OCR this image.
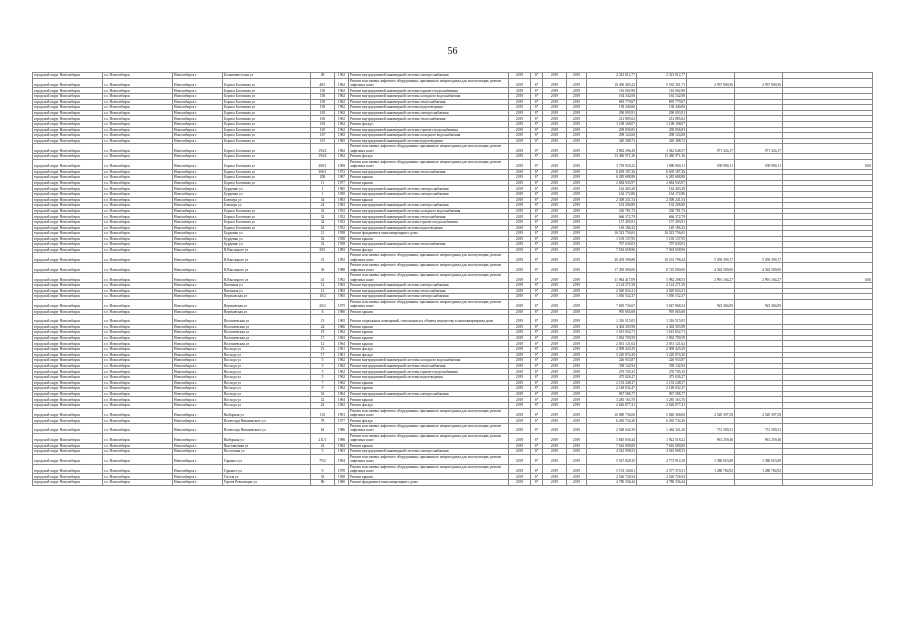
56
городской округ Новосибирск	г.о. Новосибирск	Новосибирск г.	Большевистская ул	48	1962	Ремонт внутридомовой инженерной системы электроснабжения	2019	6*	2019	2019	2 323 012,77	2 323 012,77			
городской округ Новосибирск	г.о. Новосибирск	Новосибирск г.	Бориса Богаткова ул	48/1	1962	Ремонт или замена лифтового оборудования, признанного непригодным для эксплуатации, ремонт лифтовых шахт	2019	6*	2019	2019	10 450 403,22	5 535 301,71	2 957 800,56	2 957 800,56	
городской округ Новосибирск	г.о. Новосибирск	Новосибирск г.	Бориса Богаткова ул	150	1962	Ремонт внутридомовой инженерной системы горячего водоснабжения	2019	6*	2019	2019	116 002,98	116 002,98			
городской округ Новосибирск	г.о. Новосибирск	Новосибирск г.	Бориса Богаткова ул	150	1962	Ремонт внутридомовой инженерной системы холодного водоснабжения	2019	6*	2019	2019	164 342,08	164 342,08			
городской округ Новосибирск	г.о. Новосибирск	Новосибирск г.	Бориса Богаткова ул	150	1962	Ремонт внутридомовой инженерной системы теплоснабжения	2019	6*	2019	2019	695 779,67	695 779,67			
городской округ Новосибирск	г.о. Новосибирск	Новосибирск г.	Бориса Богаткова ул	150	1962	Ремонт внутридомовой инженерной системы водоотведения	2019	6*	2019	2019	138 440,06	138 440,06			
городской округ Новосибирск	г.о. Новосибирск	Новосибирск г.	Бориса Богаткова ул	165	1962	Ремонт внутридомовой инженерной системы электроснабжения	2019	6*	2019	2019	290 093,91	290 093,91			
городской округ Новосибирск	г.о. Новосибирск	Новосибирск г.	Бориса Богаткова ул	165	1962	Ремонт внутридомовой инженерной системы теплоснабжения	2019	6*	2019	2019	212 885,62	212 885,62			
городской округ Новосибирск	г.о. Новосибирск	Новосибирск г.	Бориса Богаткова ул	165	1962	Ремонт фасада	2019	6*	2019	2019	1 108 168,07	1 108 168,07			
городской округ Новосибирск	г.о. Новосибирск	Новосибирск г.	Бориса Богаткова ул	165	1962	Ремонт внутридомовой инженерной системы горячего водоснабжения	2019	6*	2019	2019	258 836,83	258 836,83			
городской округ Новосибирск	г.о. Новосибирск	Новосибирск г.	Бориса Богаткова ул	167	1965	Ремонт внутридомовой инженерной системы холодного водоснабжения	2019	6*	2019	2019	298 124,68	298 124,68			
городской округ Новосибирск	г.о. Новосибирск	Новосибирск г.	Бориса Богаткова ул	167	1965	Ремонт внутридомовой инженерной системы водоотведения	2019	6*	2019	2019	320 388,73	320 388,73			
городской округ Новосибирск	г.о. Новосибирск	Новосибирск г.	Бориса Богаткова ул	194/2	1962	Ремонт или замена лифтового оборудования, признанного непригодным для эксплуатации, ремонт лифтовых шахт	2019	6*	2019	2019	3 882 296,49	1 942 648,37	971 324,17	971 324,17	
городской округ Новосибирск	г.о. Новосибирск	Новосибирск г.	Бориса Богаткова ул	194/2	1962	Ремонт фасада	2019	6*	2019	2019	13 460 971,36	13 460 971,36			
городской округ Новосибирск	г.о. Новосибирск	Новосибирск г.	Бориса Богаткова ул	206/1	1969	Ремонт или замена лифтового оборудования, признанного непригодным для эксплуатации, ремонт лифтовых шахт	2019	6*	2019	2019	3 759 920,22	1 880 960,11	939 980,11	939 980,11	0,00
городской округ Новосибирск	г.о. Новосибирск	Новосибирск г.	Бориса Богаткова ул	206/1	1972	Ремонт внутридомовой инженерной системы теплоснабжения	2019	6*	2019	2019	6 639 187,26	6 639 187,26			
городской округ Новосибирск	г.о. Новосибирск	Новосибирск г.	Бориса Богаткова ул	208	1967	Ремонт крыши	2019	6*	2019	2019	6 285 688,88	6 285 688,88			
городской округ Новосибирск	г.о. Новосибирск	Новосибирск г.	Бориса Богаткова ул	11	1977	Ремонт крыши	2019	6*	2019	2019	2 684 943,97	2 684 943,97			
городской округ Новосибирск	г.о. Новосибирск	Новосибирск г.	Бурденко ул	1	1965	Ремонт внутридомовой инженерной системы электроснабжения	2019	6*	2019	2019	162 403,28	162 403,28			
городской округ Новосибирск	г.о. Новосибирск	Новосибирск г.	Бурденко ул	1	1950	Ремонт внутридомовой инженерной системы электроснабжения	2019	6*	2019	2019	164 172,86	164 172,86			
городской округ Новосибирск	г.о. Новосибирск	Новосибирск г.	Блюхера ул	34	1963	Ремонт крыши	2019	6*	2019	2019	2 308 241,54	2 308 241,54			
городской округ Новосибирск	г.о. Новосибирск	Новосибирск г.	Блюхера ул	24	1963	Ремонт внутридомовой инженерной системы электроснабжения	2019	6*	2019	2019	102 206,80	102 206,80			
городской округ Новосибирск	г.о. Новосибирск	Новосибирск г.	Бориса Богаткова ул	32	1952	Ремонт внутридомовой инженерной системы холодного водоснабжения	2019	6*	2019	2019	230 781,73	230 781,73			
городской округ Новосибирск	г.о. Новосибирск	Новосибирск г.	Бориса Богаткова ул	32	1952	Ремонт внутридомовой инженерной системы теплоснабжения	2019	6*	2019	2019	666 372,79	666 372,79			
городской округ Новосибирск	г.о. Новосибирск	Новосибирск г.	Бориса Богаткова ул	32	1952	Ремонт внутридомовой инженерной системы горячего водоснабжения	2019	6*	2019	2019	157 493,91	157 493,91			
городской округ Новосибирск	г.о. Новосибирск	Новосибирск г.	Бориса Богаткова ул	32	1952	Ремонт внутридомовой инженерной системы водоотведения	2019	6*	2019	2019	149 186,32	149 186,32			
городской округ Новосибирск	г.о. Новосибирск	Новосибирск г.	Бурденко ул	12	1958	Ремонт фундамента многоквартирного дома	2019	6*	2019	2019	16 523 756,65	16 523 756,65			
городской округ Новосибирск	г.о. Новосибирск	Новосибирск г.	Бурденко ул	32	1958	Ремонт крыши	2019	6*	2019	2019	1 103 137,95	1 103 137,95			
городской округ Новосибирск	г.о. Новосибирск	Новосибирск г.	Бурденко ул	32	1958	Ремонт внутридомовой инженерной системы теплоснабжения	2019	6*	2019	2019	707 630,03	707 630,03			
городской округ Новосибирск	г.о. Новосибирск	Новосибирск г.	В.Высоцкого ул	39/1	1983	Ремонт фасада	2019	6*	2019	2019	7 563 658,96	7 563 658,96			
городской округ Новосибирск	г.о. Новосибирск	Новосибирск г.	В.Высоцкого ул	31	1992	Ремонт или замена лифтового оборудования, признанного непригодным для эксплуатации, ремонт лифтовых шахт	2019	6*	2019	2019	20 203 596,88	10 101 798,44	5 050 399,17	5 050 399,17	
городской округ Новосибирск	г.о. Новосибирск	Новосибирск г.	В.Высоцкого ул	39	1988	Ремонт или замена лифтового оборудования, признанного непригодным для эксплуатации, ремонт лифтовых шахт	2019	6*	2019	2019	17 450 000,00	8 725 000,00	4 362 500,00	4 362 500,00	
городской округ Новосибирск	г.о. Новосибирск	Новосибирск г.	В.Высоцкого ул	41	1992	Ремонт или замена лифтового оборудования, признанного непригодным для эксплуатации, ремонт лифтовых шахт	2019	6*	2019	2019	11 964 417,09	5 982 208,55	2 991 104,27	2 991 104,27	0,00
городской округ Новосибирск	г.о. Новосибирск	Новосибирск г.	Вагонная ул	12	1963	Ремонт внутридомовой инженерной системы электроснабжения	2019	6*	2019	2019	2 124 271,50	2 124 271,50			
городской округ Новосибирск	г.о. Новосибирск	Новосибирск г.	Вагонная ул	12	1963	Ремонт внутридомовой инженерной системы теплоснабжения	2019	6*	2019	2019	2 020 824,21	2 020 824,21			
городской округ Новосибирск	г.о. Новосибирск	Новосибирск г.	Вертковская ул	10/2	1965	Ремонт внутридомовой инженерной системы электроснабжения	2019	6*	2019	2019	1 056 532,37	1 056 532,37			
городской округ Новосибирск	г.о. Новосибирск	Новосибирск г.	Вертковская ул	20/2	1975	Ремонт или замена лифтового оборудования, признанного непригодным для эксплуатации, ремонт лифтовых шахт	2019	6*	2019	2019	7 695 736,67	3 847 868,34	923 384,09	923 384,09	
городской округ Новосибирск	г.о. Новосибирск	Новосибирск г.	Вертковская ул	6	1966	Ремонт крыши	2019	6*	2019	2019	995 065,68	995 065,68			
городской округ Новосибирск	г.о. Новосибирск	Новосибирск г.	Волочаевская ул	13	1965	Ремонт подвальных помещений, относящихся к общему имуществу в многоквартирном доме	2019	6*	2019	2019	1 316 515,05	1 316 515,05			
городской округ Новосибирск	г.о. Новосибирск	Новосибирск г.	Волочаевская ул	24	1966	Ремонт крыши	2019	6*	2019	2019	4 402 303,98	4 402 303,98			
городской округ Новосибирск	г.о. Новосибирск	Новосибирск г.	Волочаевская ул	19	1962	Ремонт крыши	2019	6*	2019	2019	1 615 652,71	1 615 652,71			
городской округ Новосибирск	г.о. Новосибирск	Новосибирск г.	Волочаевская ул	17	1963	Ремонт крыши	2019	6*	2019	2019	1 692 709,59	1 692 709,59			
городской округ Новосибирск	г.о. Новосибирск	Новосибирск г.	Волочаевская ул	12	1964	Ремонт крыши	2019	6*	2019	2019	2 051 121,62	2 051 121,62			
городской округ Новосибирск	г.о. Новосибирск	Новосибирск г.	Восхода ул	15	1961	Ремонт фасада	2019	6*	2019	2019	2 909 420,29	2 909 420,29			
городской округ Новосибирск	г.о. Новосибирск	Новосибирск г.	Восхода ул	17	1961	Ремонт фасада	2019	6*	2019	2019	3 220 874,20	3 220 874,20			
городской округ Новосибирск	г.о. Новосибирск	Новосибирск г.	Восхода ул	5	1962	Ремонт внутридомовой инженерной системы холодного водоснабжения	2019	6*	2019	2019	226 933,87	226 933,87			
городской округ Новосибирск	г.о. Новосибирск	Новосибирск г.	Восхода ул	5	1962	Ремонт внутридомовой инженерной системы теплоснабжения	2019	6*	2019	2019	358 142,94	358 142,94			
городской округ Новосибирск	г.о. Новосибирск	Новосибирск г.	Восхода ул	5	1962	Ремонт внутридомовой инженерной системы горячего водоснабжения	2019	6*	2019	2019	270 705,35	270 705,35			
городской округ Новосибирск	г.о. Новосибирск	Новосибирск г.	Восхода ул	5	1962	Ремонт внутридомовой инженерной системы водоотведения	2019	6*	2019	2019	475 026,27	475 026,27			
городской округ Новосибирск	г.о. Новосибирск	Новосибирск г.	Восхода ул	7	1962	Ремонт крыши	2019	6*	2019	2019	2 133 248,37	2 133 248,37			
городской округ Новосибирск	г.о. Новосибирск	Новосибирск г.	Восхода ул	9	1962	Ремонт крыши	2019	6*	2019	2019	2 148 032,47	2 148 032,47			
городской округ Новосибирск	г.о. Новосибирск	Новосибирск г.	Восхода ул	32	1964	Ремонт внутридомовой инженерной системы электроснабжения	2019	6*	2019	2019	967 586,77	967 586,77			
городской округ Новосибирск	г.о. Новосибирск	Новосибирск г.	Восхода ул	32	1964	Ремонт крыши	2019	6*	2019	2019	3 285 163,70	3 285 163,70			
городской округ Новосибирск	г.о. Новосибирск	Новосибирск г.	Восхода ул	22	1962	Ремонт фасада	2019	6*	2019	2019	2 626 877,41	2 626 877,41			
городской округ Новосибирск	г.о. Новосибирск	Новосибирск г.	Выборная ул	110	1991	Ремонт или замена лифтового оборудования, признанного непригодным для эксплуатации, ремонт лифтовых шахт	2019	6*	2019	2019	10 080 736,00	5 040 368,00	2 520 397,58	2 520 397,58	
городской округ Новосибирск	г.о. Новосибирск	Новосибирск г.	Всеволода Вишневского ул	78	1977	Ремонт фасада	2019	6*	2019	2019	6 265 734,20	6 265 734,20			
городской округ Новосибирск	г.о. Новосибирск	Новосибирск г.	Всеволода Вишневского ул	62	1986	Ремонт или замена лифтового оборудования, признанного непригодным для эксплуатации, ремонт лифтовых шахт	2019	6*	2019	2019	2 928 642,39	1 464 321,20	731 580,31	731 580,31	
городской округ Новосибирск	г.о. Новосибирск	Новосибирск г.	Выборная ул	211/1	1986	Ремонт или замена лифтового оборудования, признанного непригодным для эксплуатации, ремонт лифтовых шахт	2019	6*	2019	2019	3 845 036,44	1 922 518,22	961 259,48	961 259,48	
городской округ Новосибирск	г.о. Новосибирск	Новосибирск г.	Выставочная ул	24	1962	Ремонт крыши	2019	6*	2019	2019	7 616 000,00	7 616 000,00			
городской округ Новосибирск	г.о. Новосибирск	Новосибирск г.	Восточная ул	5	1963	Ремонт внутридомовой инженерной системы электроснабжения	2019	6*	2019	2019	4 543 908,53	4 543 908,53			
городской округ Новосибирск	г.о. Новосибирск	Новосибирск г.	Горького ул	79/2	1994	Ремонт или замена лифтового оборудования, признанного непригодным для эксплуатации, ремонт лифтовых шахт	2019	6*	2019	2019	5 547 828,35	2 773 914,18	1 386 653,08	1 386 653,08	
городской округ Новосибирск	г.о. Новосибирск	Новосибирск г.	Горького ул	9	1970	Ремонт или замена лифтового оборудования, признанного непригодным для эксплуатации, ремонт лифтовых шахт	2019	6*	2019	2019	5 155 140,61	2 577 570,31	1 288 784,92	1 288 784,92	
городской округ Новосибирск	г.о. Новосибирск	Новосибирск г.	Гоголя ул	33	1958	Ремонт крыши	2019	6*	2019	2019	2 526 726,94	2 526 726,94			
городской округ Новосибирск	г.о. Новосибирск	Новосибирск г.	Героев Революции ул	86	1960	Ремонт фундамента многоквартирного дома	2019	6*	2019	2019	4 780 336,44	4 780 336,44			
